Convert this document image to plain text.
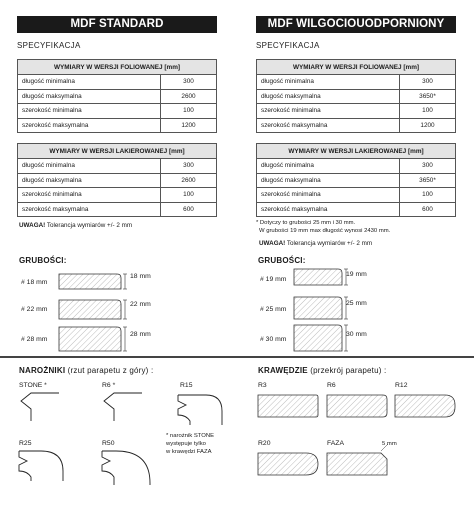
MDF STANDARD
SPECYFIKACJA
WYMIARY W WERSJI FOLIOWANEJ [mm]	
długość minimalna	300
długość maksymalna	2600
szerokość minimalna	100
szerokość maksymalna	1200
WYMIARY W WERSJI LAKIEROWANEJ [mm]	
długość minimalna	300
długość maksymalna	2600
szerokość minimalna	100
szerokość maksymalna	600
UWAGA! Tolerancja wymiarów +/- 2 mm
GRUBOŚCI:
# 18 mm
18 mm
# 22 mm
22 mm
# 28 mm
28 mm
MDF WILGOCIOUODPORNIONY
SPECYFIKACJA
WYMIARY W WERSJI FOLIOWANEJ [mm]	
długość minimalna	300
długość maksymalna	3650*
szerokość minimalna	100
szerokość maksymalna	1200
WYMIARY W WERSJI LAKIEROWANEJ [mm]	
długość minimalna	300
długość maksymalna	3650*
szerokość minimalna	100
szerokość maksymalna	600
* Dotyczy to grubości 25 mm i 30 mm.
W grubości 19 mm max długość wynosi 2430 mm.
UWAGA! Tolerancja wymiarów +/- 2 mm
GRUBOŚCI:
# 19 mm
19 mm
# 25 mm
25 mm
# 30 mm
30 mm
NAROŻNIKI (rzut parapetu z góry) :
STONE *	R6 *	R15
R25	R50
* narożnik STONE
występuje tylko
w krawędzi FAZA
KRAWĘDZIE (przekrój parapetu) :
R3	R6	R12
R20	FAZA	5 mm
